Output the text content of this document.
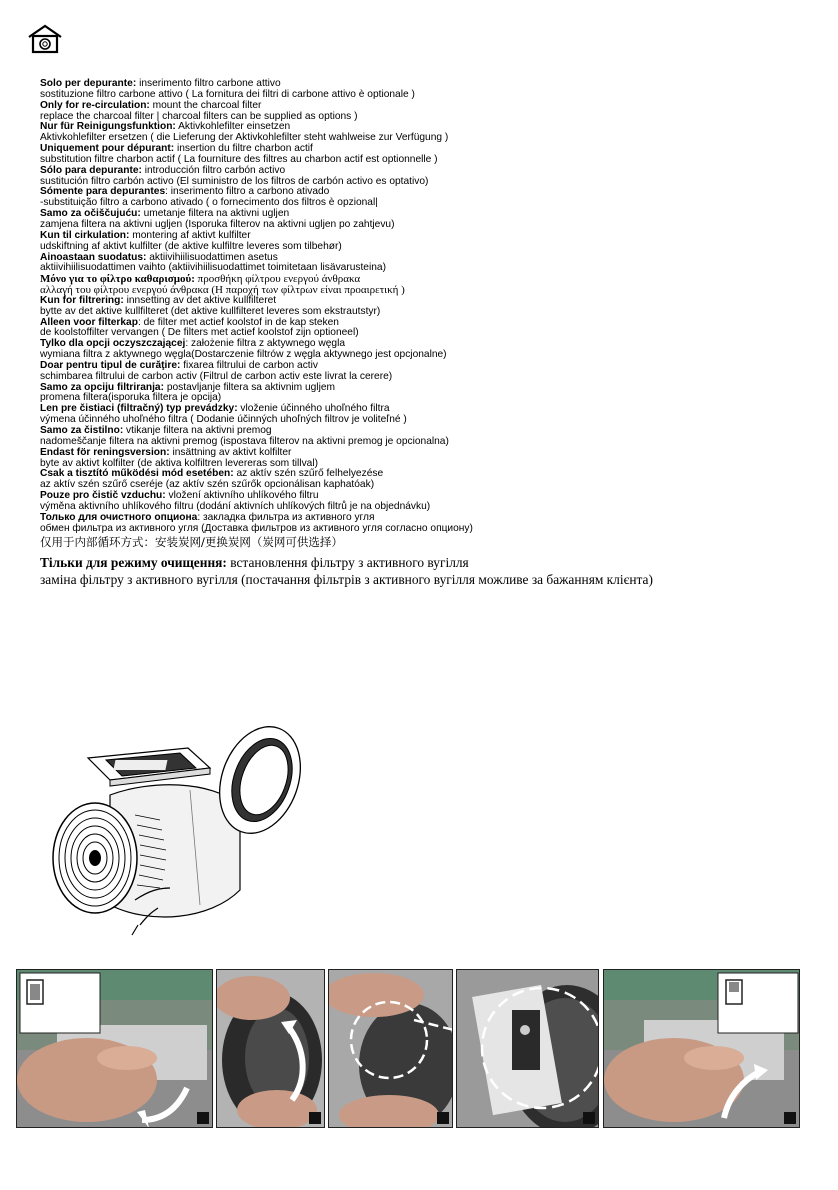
Solo per depurante: inserimento filtro carbone attivo
sostituzione filtro carbone attivo ( La fornitura dei filtri di carbone attivo è optionale )
Only for re-circulation: mount the charcoal filter
replace the charcoal filter | charcoal filters can be supplied as options )
Nur für Reinigungsfunktion: Aktivkohlefilter einsetzen
Aktivkohlefilter ersetzen ( die Lieferung der Aktivkohlefilter steht wahlweise zur Verfügung )
Uniquement pour dépurant: insertion du filtre charbon actif
substitution filtre charbon actif ( La fourniture des filtres au charbon actif est optionnelle )
Sólo para depurante: introducción filtro carbón activo
sustitución filtro carbón activo (El suministro de los filtros de carbón activo es optativo)
Sómente para depurantes: inserimento filtro a carbono ativado
-substituição filtro a carbono ativado ( o fornecimento dos filtros è opzional|
Samo za očiščujuću: umetanje filtera na aktivni ugljen
zamjena filtera na aktivni ugljen (Isporuka filterov na aktivni ugljen po zahtjevu)
Kun til cirkulation: montering af aktivt kulfilter
udskiftning af aktivt kulfilter (de aktive kulfiltre leveres som tilbehør)
Ainoastaan suodatus: aktiivihiilisuodattimen asetus
aktiivihiilisuodattimen vaihto (aktiivihiilisuodattimet toimitetaan lisävarusteina)
Μόνο για το φίλτρο καθαρισμού: προσθήκη φίλτρου ενεργού άνθρακα
αλλαγή του φίλτρου ενεργού άνθρακα (Η παροχή των φίλτρων είναι προαιρετική )
Kun for filtrering: innsetting av det aktive kullfilteret
bytte av det aktive kullfilteret (det aktive kullfilteret leveres som ekstrautstyr)
Alleen voor filterkap: de filter met actief koolstof in de kap steken
de koolstoffilter vervangen ( De filters met actief koolstof zijn optioneel)
Tylko dla opcji oczyszczającej: założenie filtra z aktywnego węgla
wymiana filtra z aktywnego węgla(Dostarczenie filtrów z węgla aktywnego jest opcjonalne)
Doar pentru tipul de curăţire: fixarea filtrului de carbon activ
schimbarea filtrului de carbon activ (Filtrul de carbon activ este livrat la cerere)
Samo za opciju filtriranja: postavljanje filtera sa aktivnim ugljem
promena filtera(isporuka filtera je opcija)
Len pre čistiaci (filtračný) typ prevádzky: vloženie účinného uhoľného filtra
výmena účinného uhoľného filtra ( Dodanie účinných uhoľných filtrov je voliteľné )
Samo za čistilno: vtikanje filtera na aktivni premog
nadomeščanje filtera na aktivni premog (ispostava filterov na aktivni premog je opcionalna)
Endast för reningsversion: insättning av aktivt kolfilter
byte av aktivt kolfilter (de aktiva kolfiltren levereras som tillval)
Csak a tisztító működési mód esetében: az aktív szén szűrő felhelyezése
az aktív szén szűrő cseréje (az aktív szén szűrők opcionálisan kaphatóak)
Pouze pro čistič vzduchu: vložení aktivního uhlíkového filtru
výměna aktivního uhlíkového filtru (dodání aktivních uhlíkových filtrů je na objednávku)
Только для очистного опциона: закладка фильтра из активного угля
обмен фильтра из активного угля (Доставка фильтров из активного угля согласно опциону)
仅用于内部循环方式：安装炭网/更换炭网（炭网可供选择）
Тільки для режиму очищення: встановлення фільтру з активного вугілля
заміна фільтру з активного вугілля (постачання фільтрів з активного вугілля можливе за бажанням клієнта)
